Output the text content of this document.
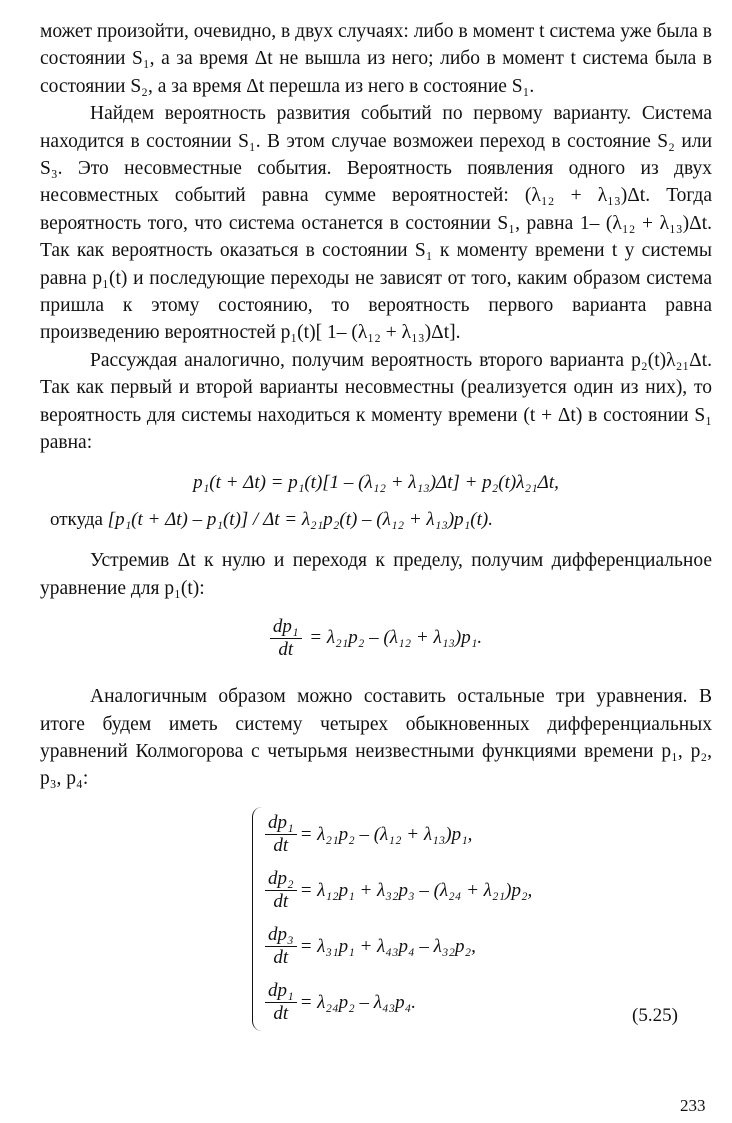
может произойти, очевидно, в двух случаях: либо в момент t система уже была в состоянии S₁, а за время Δt не вышла из него; либо в момент t система была в состоянии S₂, а за время Δt перешла из него в состояние S₁.

Найдем вероятность развития событий по первому варианту. Система находится в состоянии S₁. В этом случае возможеи переход в состояние S₂ или S₃. Это несовместные события. Вероятность появления одного из двух несовместных событий равна сумме вероятностей: (λ₁₂ + λ₁₃)Δt. Тогда вероятность того, что система останется в состоянии S₁, равна 1– (λ₁₂ + λ₁₃)Δt. Так как вероятность оказаться в состоянии S₁ к моменту времени t у системы равна p₁(t) и последующие переходы не зависят от того, каким образом система пришла к этому состоянию, то вероятность первого варианта равна произведению вероятностей p₁(t)[ 1– (λ₁₂ + λ₁₃)Δt].

Рассуждая аналогично, получим вероятность второго варианта p₂(t)λ₂₁Δt. Так как первый и второй варианты несовместны (реализуется один из них), то вероятность для системы находиться к моменту времени (t + Δt) в состоянии S₁ равна:

p₁(t + Δt) = p₁(t)[1 – (λ₁₂ + λ₁₃)Δt] + p₂(t)λ₂₁Δt,
откуда [p₁(t + Δt) – p₁(t)] / Δt = λ₂₁p₂(t) – (λ₁₂ + λ₁₃)p₁(t).

Устремив Δt к нулю и переходя к пределу, получим дифференциальное уравнение для p₁(t):

$\frac{\text{dp₁}}{dt} = \lambda_{21}p_2 - (\lambda_{12} + \lambda_{13})p_1$.

Аналогичным образом можно составить остальные три уравнения. В итоге будем иметь систему четырех обыкновенных дифференциальных уравнений Колмогорова с четырьмя неизвестными функциями времени p₁, p₂, p₃, p₄:

$\frac{\text{dp₁}}{dt} = \lambda_{21}p_2 - (\lambda_{12} + \lambda_{13})p_1$,
$\frac{\text{dp₂}}{dt} = \lambda_{12}p_1 + \lambda_{32}p_3 - (\lambda_{24} + \lambda_{21})p_2$,
$\frac{\text{dp₃}}{dt} = \lambda_{31}p_1 + \lambda_{43}p_4 - \lambda_{32}p_2$,
$\frac{\text{dp₁}}{dt} = \lambda_{24}p_2 - \lambda_{43}p_4$.
(5.25)
233
